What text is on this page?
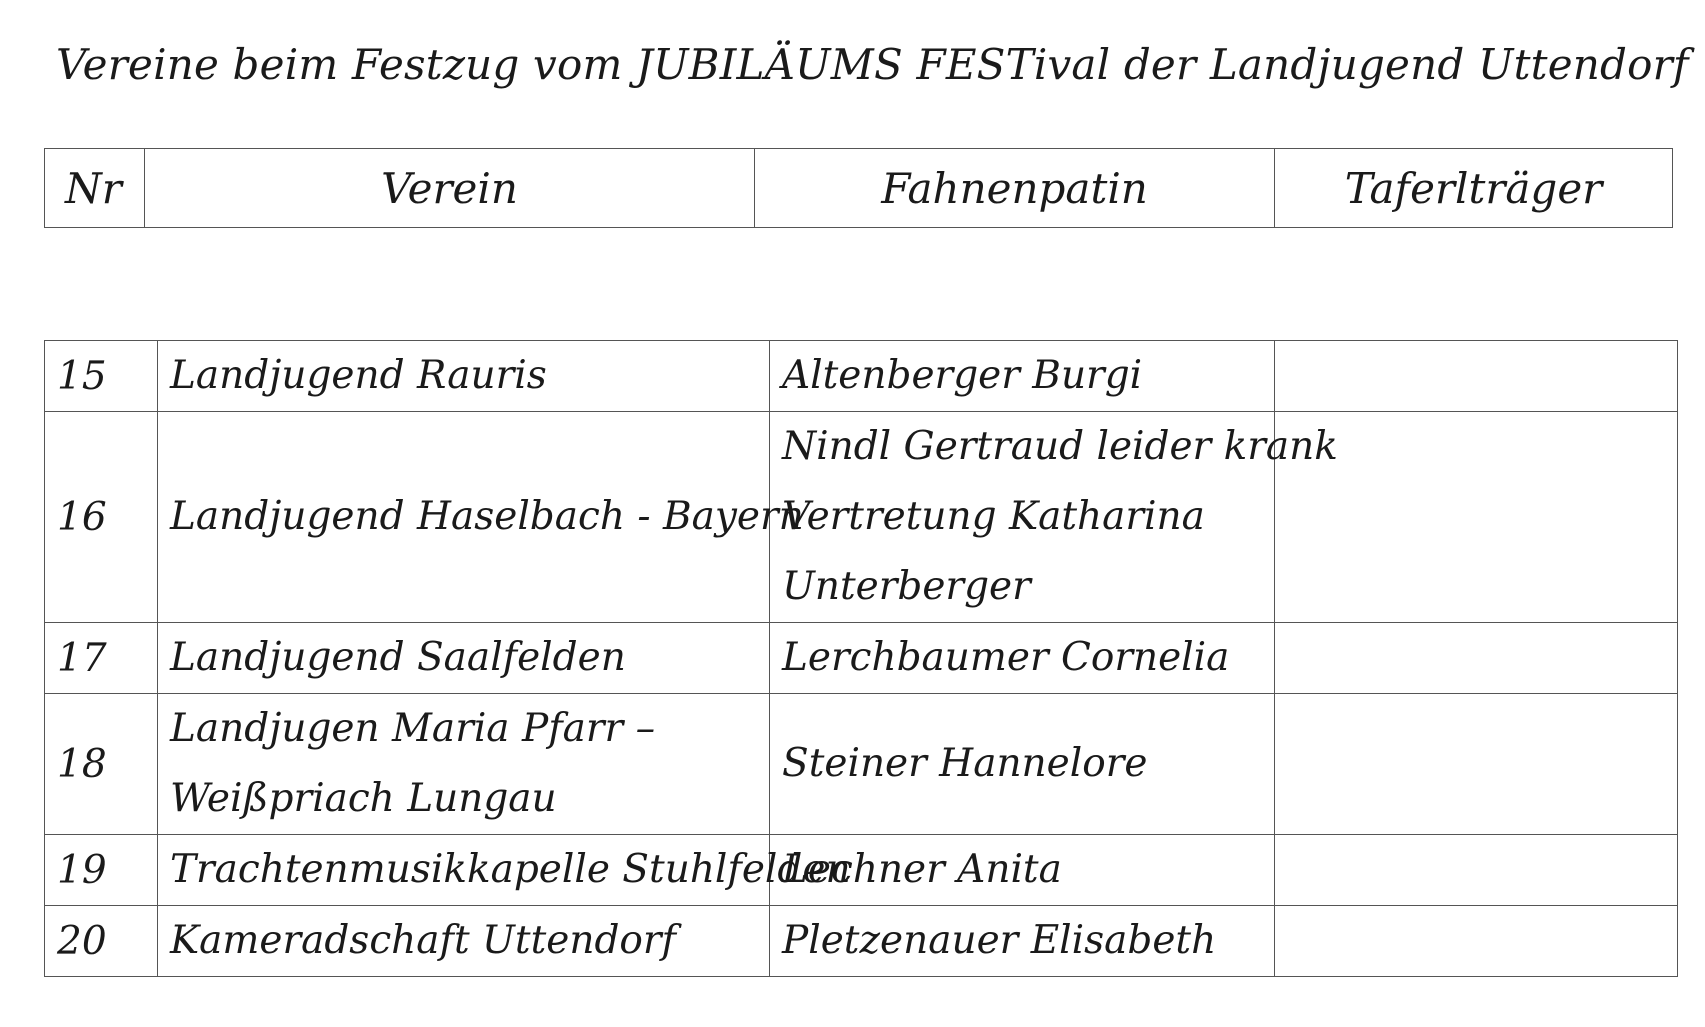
Vereine beim Festzug vom JUBILÄUMS FESTival der Landjugend Uttendorf
Nr	Verein	Fahnenpatin	Taferlträger
15	Landjugend Rauris	Altenberger Burgi	

16	Landjugend Haselbach - Bayern	Nindl Gertraud leider krank
Vertretung Katharina
Unterberger	

17	Landjugend Saalfelden	Lerchbaumer Cornelia	

18	Landjugen Maria Pfarr –
Weißpriach Lungau	Steiner Hannelore	

19	Trachtenmusikkapelle Stuhlfelden	Lechner Anita	

20	Kameradschaft Uttendorf	Pletzenauer Elisabeth	
